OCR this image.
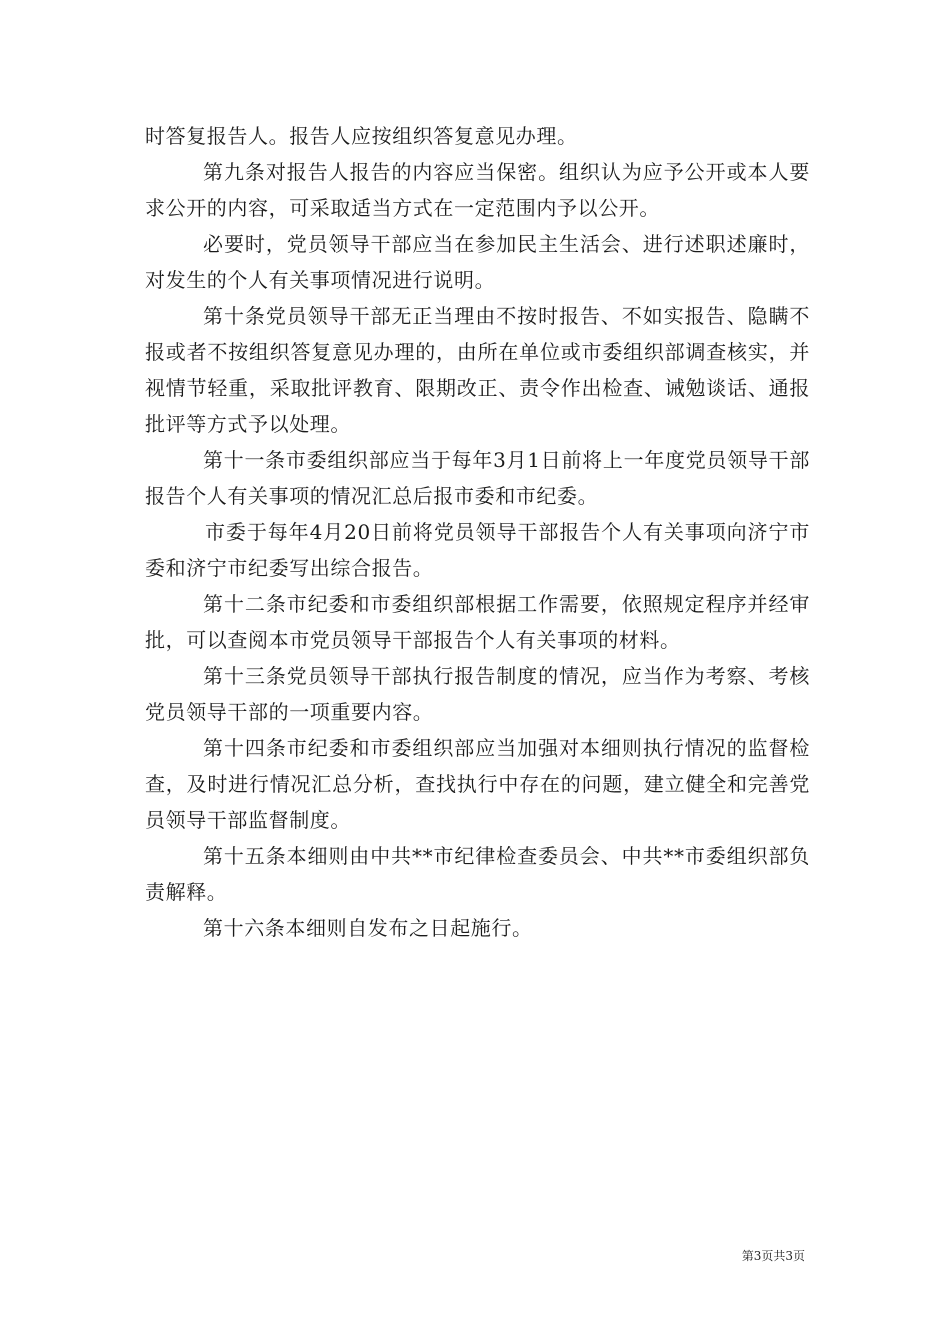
时答复报告人。报告人应按组织答复意见办理。

第九条对报告人报告的内容应当保密。组织认为应予公开或本人要求公开的内容，可采取适当方式在一定范围内予以公开。

必要时，党员领导干部应当在参加民主生活会、进行述职述廉时，对发生的个人有关事项情况进行说明。

第十条党员领导干部无正当理由不按时报告、不如实报告、隐瞒不报或者不按组织答复意见办理的，由所在单位或市委组织部调查核实，并视情节轻重，采取批评教育、限期改正、责令作出检查、诫勉谈话、通报批评等方式予以处理。

第十一条市委组织部应当于每年3月1日前将上一年度党员领导干部报告个人有关事项的情况汇总后报市委和市纪委。

市委于每年4月20日前将党员领导干部报告个人有关事项向济宁市委和济宁市纪委写出综合报告。

第十二条市纪委和市委组织部根据工作需要，依照规定程序并经审批，可以查阅本市党员领导干部报告个人有关事项的材料。

第十三条党员领导干部执行报告制度的情况，应当作为考察、考核党员领导干部的一项重要内容。

第十四条市纪委和市委组织部应当加强对本细则执行情况的监督检查，及时进行情况汇总分析，查找执行中存在的问题，建立健全和完善党员领导干部监督制度。

第十五条本细则由中共**市纪律检查委员会、中共**市委组织部负责解释。

第十六条本细则自发布之日起施行。

第3页共3页
